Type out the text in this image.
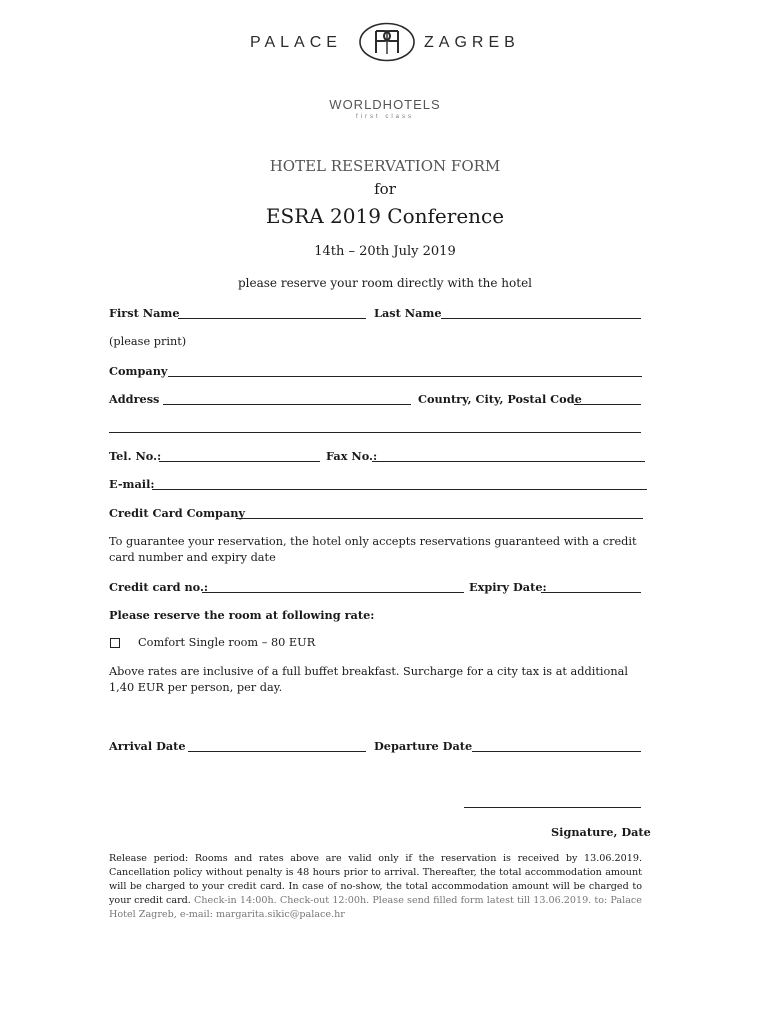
PALACE	ZAGREB
WORLDHOTELS
first class
HOTEL RESERVATION FORM
for
ESRA 2019 Conference
14th – 20th July 2019
please reserve your room directly with the hotel
First Name	Last Name
(please print)
Company
Address	Country, City, Postal Code
Tel. No.:	Fax No.:
E-mail:
Credit Card Company
To guarantee your reservation, the hotel only accepts reservations guaranteed with a credit card number and expiry date
Credit card no.:	Expiry Date:
Please reserve the room at following rate:
Comfort Single room – 80 EUR
Above rates are inclusive of a full buffet breakfast. Surcharge for a city tax is at additional
1,40 EUR per person, per day.
Arrival Date	Departure Date
Signature, Date
Release period: Rooms and rates above are valid only if the reservation is received by 13.06.2019. Cancellation policy without penalty is 48 hours prior to arrival. Thereafter, the total accommodation amount will be charged to your credit card. In case of no-show, the total accommodation amount will be charged to your credit card. Check-in 14:00h. Check-out 12:00h. Please send filled form latest till 13.06.2019. to: Palace Hotel Zagreb, e-mail: margarita.sikic@palace.hr
